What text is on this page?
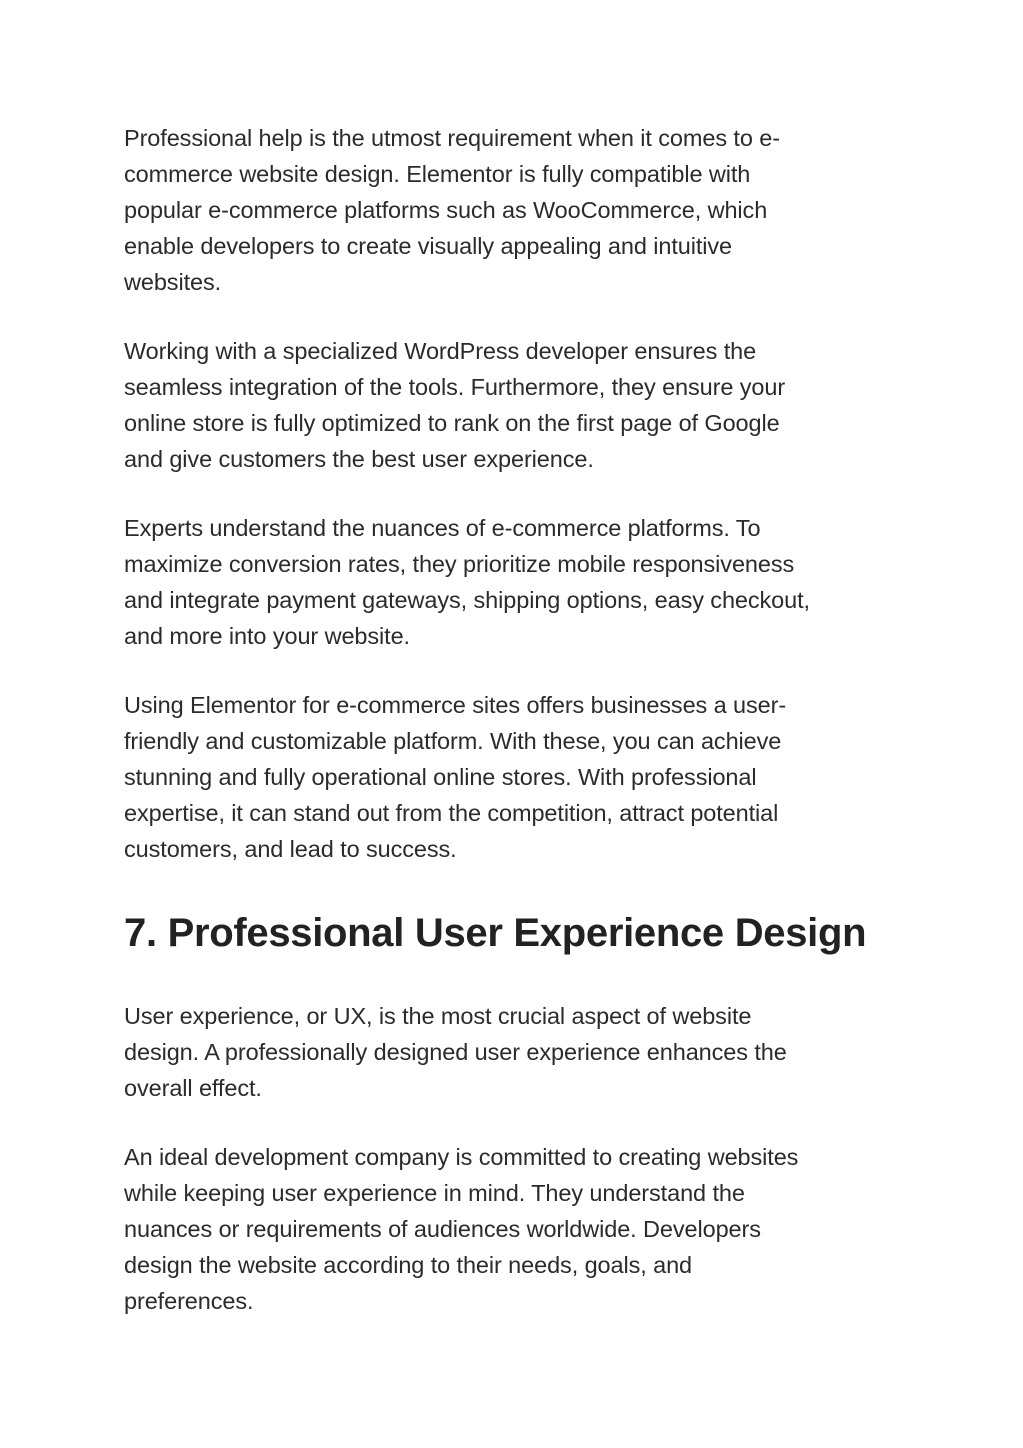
Professional help is the utmost requirement when it comes to e-
commerce website design. Elementor is fully compatible with
popular e-commerce platforms such as WooCommerce, which
enable developers to create visually appealing and intuitive
websites.

Working with a specialized WordPress developer ensures the
seamless integration of the tools. Furthermore, they ensure your
online store is fully optimized to rank on the first page of Google
and give customers the best user experience.

Experts understand the nuances of e-commerce platforms. To
maximize conversion rates, they prioritize mobile responsiveness
and integrate payment gateways, shipping options, easy checkout,
and more into your website.

Using Elementor for e-commerce sites offers businesses a user-
friendly and customizable platform. With these, you can achieve
stunning and fully operational online stores. With professional
expertise, it can stand out from the competition, attract potential
customers, and lead to success.

7. Professional User Experience Design

User experience, or UX, is the most crucial aspect of website
design. A professionally designed user experience enhances the
overall effect.

An ideal development company is committed to creating websites
while keeping user experience in mind. They understand the
nuances or requirements of audiences worldwide. Developers
design the website according to their needs, goals, and
preferences.
